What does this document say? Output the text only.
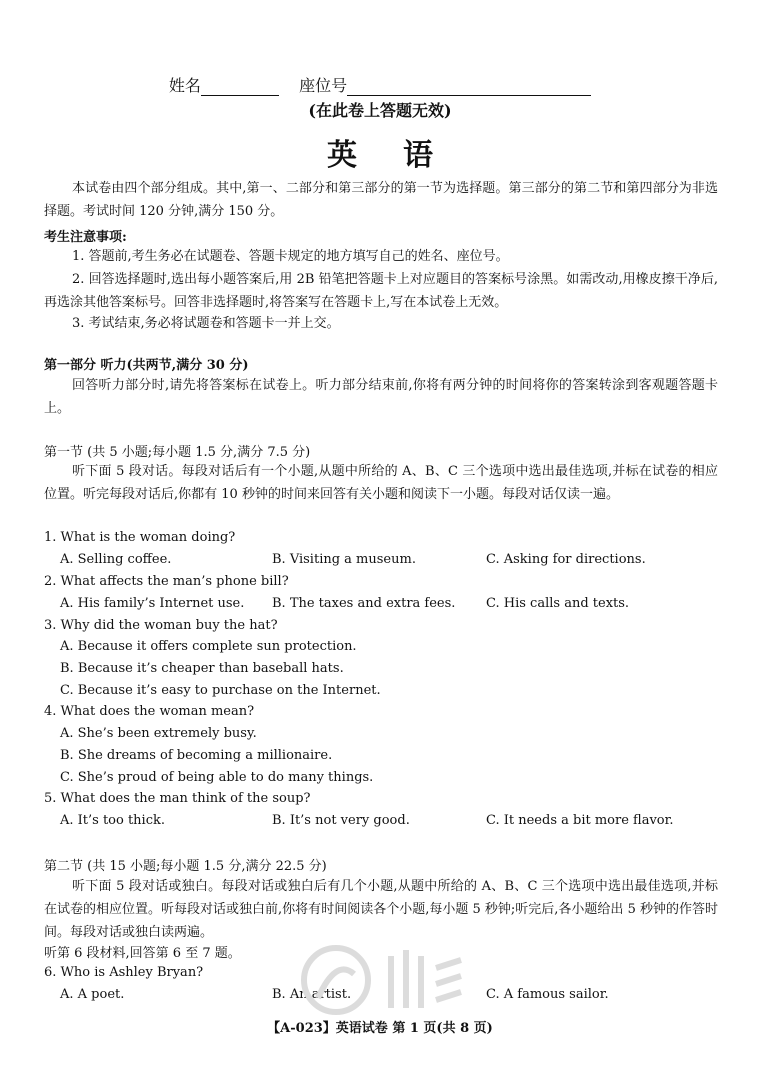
姓名	座位号
(在此卷上答题无效)
英语
本试卷由四个部分组成。其中,第一、二部分和第三部分的第一节为选择题。第三部分的第二节和第四部分为非选择题。考试时间 120 分钟,满分 150 分。
考生注意事项:
1. 答题前,考生务必在试题卷、答题卡规定的地方填写自己的姓名、座位号。
2. 回答选择题时,选出每小题答案后,用 2B 铅笔把答题卡上对应题目的答案标号涂黑。如需改动,用橡皮擦干净后,再选涂其他答案标号。回答非选择题时,将答案写在答题卡上,写在本试卷上无效。
3. 考试结束,务必将试题卷和答题卡一并上交。
第一部分 听力(共两节,满分 30 分)
回答听力部分时,请先将答案标在试卷上。听力部分结束前,你将有两分钟的时间将你的答案转涂到客观题答题卡上。
第一节 (共 5 小题;每小题 1.5 分,满分 7.5 分)
听下面 5 段对话。每段对话后有一个小题,从题中所给的 A、B、C 三个选项中选出最佳选项,并标在试卷的相应位置。听完每段对话后,你都有 10 秒钟的时间来回答有关小题和阅读下一小题。每段对话仅读一遍。
1. What is the woman doing?
A. Selling coffee.	B. Visiting a museum.	C. Asking for directions.
2. What affects the man’s phone bill?
A. His family’s Internet use. B. The taxes and extra fees. C. His calls and texts.
3. Why did the woman buy the hat?
A. Because it offers complete sun protection.
B. Because it’s cheaper than baseball hats.
C. Because it’s easy to purchase on the Internet.
4. What does the woman mean?
A. She’s been extremely busy.
B. She dreams of becoming a millionaire.
C. She’s proud of being able to do many things.
5. What does the man think of the soup?
A. It’s too thick.	B. It’s not very good.	C. It needs a bit more flavor.
第二节 (共 15 小题;每小题 1.5 分,满分 22.5 分)
听下面 5 段对话或独白。每段对话或独白后有几个小题,从题中所给的 A、B、C 三个选项中选出最佳选项,并标在试卷的相应位置。听每段对话或独白前,你将有时间阅读各个小题,每小题 5 秒钟;听完后,各小题给出 5 秒钟的作答时间。每段对话或独白读两遍。
听第 6 段材料,回答第 6 至 7 题。
6. Who is Ashley Bryan?
A. A poet.	B. An artist.	C. A famous sailor.
【A-023】英语试卷 第 1 页(共 8 页)
